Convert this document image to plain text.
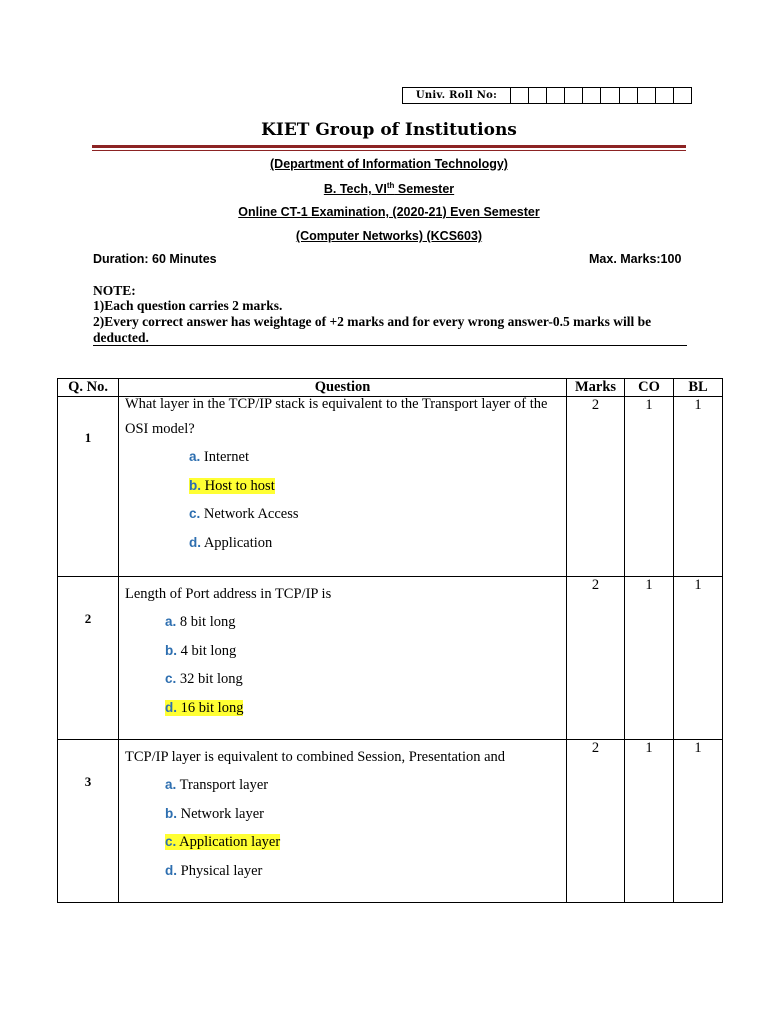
Univ. Roll No:
KIET Group of Institutions
(Department of Information Technology)
B. Tech, VIth Semester
Online CT-1 Examination, (2020-21) Even Semester
(Computer Networks) (KCS603)
Duration: 60 Minutes	Max. Marks:100
NOTE:
1)Each question carries 2 marks.
2)Every correct answer has weightage of +2 marks and for every wrong answer-0.5 marks will be deducted.
Q. No.	Question	Marks	CO	BL

1	What layer in the TCP/IP stack is equivalent to the Transport layer of the OSI model?
a. Internet
b. Host to host
c. Network Access
d. Application	2	1	1

2	Length of Port address in TCP/IP is
a. 8 bit long
b. 4 bit long
c. 32 bit long
d. 16 bit long	2	1	1

3	TCP/IP layer is equivalent to combined Session, Presentation and
a. Transport layer
b. Network layer
c. Application layer
d. Physical layer	2	1	1
